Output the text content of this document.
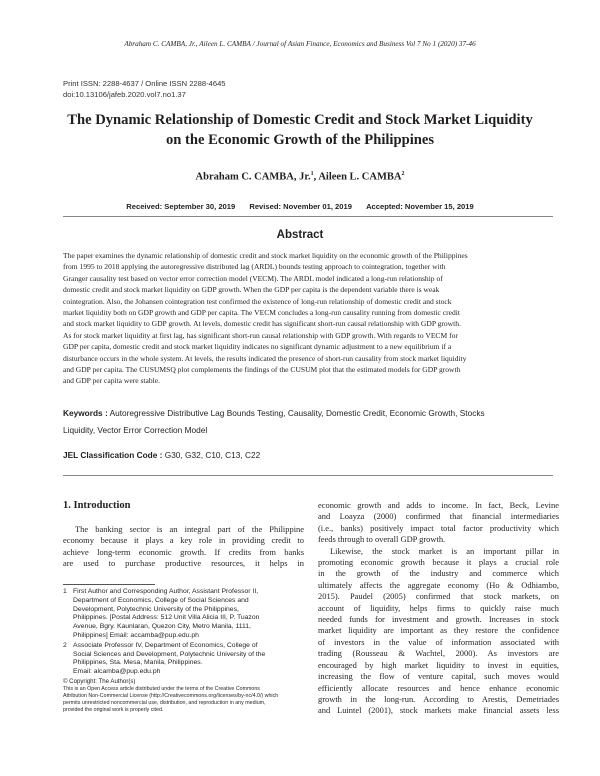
Abraham C. CAMBA, Jr., Aileen L. CAMBA / Journal of Asian Finance, Economics and Business Vol 7 No 1 (2020) 37-46
Print ISSN: 2288-4637 / Online ISSN 2288-4645
doi:10.13106/jafeb.2020.vol7.no1.37
The Dynamic Relationship of Domestic Credit and Stock Market Liquidity
on the Economic Growth of the Philippines
Abraham C. CAMBA, Jr.$^1$, Aileen L. CAMBA$^2$
Received: September 30, 2019 Revised: November 01, 2019 Accepted: November 15, 2019
Abstract
The paper examines the dynamic relationship of domestic credit and stock market liquidity on the economic growth of the Philippines
from 1995 to 2018 applying the autoregressive distributed lag (ARDL) bounds testing approach to cointegration, together with
Granger causality test based on vector error correction model (VECM). The ARDL model indicated a long-run relationship of
domestic credit and stock market liquidity on GDP growth. When the GDP per capita is the dependent variable there is weak
cointegration. Also, the Johansen cointegration test confirmed the existence of long-run relationship of domestic credit and stock
market liquidity both on GDP growth and GDP per capita. The VECM concludes a long-run causality running from domestic credit
and stock market liquidity to GDP growth. At levels, domestic credit has significant short-run causal relationship with GDP growth.
As for stock market liquidity at first lag, has significant short-run causal relationship with GDP growth. With regards to VECM for
GDP per capita, domestic credit and stock market liquidity indicates no significant dynamic adjustment to a new equilibrium if a
disturbance occurs in the whole system. At levels, the results indicated the presence of short-run causality from stock market liquidity
and GDP per capita. The CUSUMSQ plot complements the findings of the CUSUM plot that the estimated models for GDP growth
and GDP per capita were stable.
Keywords : Autoregressive Distributive Lag Bounds Testing, Causality, Domestic Credit, Economic Growth, Stocks
Liquidity, Vector Error Correction Model
JEL Classification Code : G30, G32, C10, C13, C22
1. Introduction

The banking sector is an integral part of the Philippine
economy because it plays a key role in providing credit to
achieve long-term economic growth. If credits from banks
are used to purchase productive resources, it helps in

1 First Author and Corresponding Author, Assistant Professor II,
Department of Economics, College of Social Sciences and
Development, Polytechnic University of the Philippines,
Philippines. [Postal Address: 512 Unit Villa Alicia III, P. Tuazon
Avenue, Bgry. Kaunlaran, Quezon City, Metro Manila, 1111,
Philippines] Email: accamba@pup.edu.ph
2 Associate Professor IV, Department of Economics, College of
Social Sciences and Development, Polytechnic University of the
Philippines, Sta. Mesa, Manila, Philippines.
Email: alcamba@pup.edu.ph
© Copyright: The Author(s)
This is an Open Access article distributed under the terms of the Creative Commons
Attribution Non-Commercial License (http://Creativecommons.org/licenses/by-nc/4.0/) which
permits unrestricted noncommercial use, distribution, and reproduction in any medium,
provided the original work is properly cited.

economic growth and adds to income. In fact, Beck, Levine
and Loayza (2000) confirmed that financial intermediaries
(i.e., banks) positively impact total factor productivity which
feeds through to overall GDP growth.

Likewise, the stock market is an important pillar in
promoting economic growth because it plays a crucial role
in the growth of the industry and commerce which
ultimately affects the aggregate economy (Ho & Odhiambo,
2015). Paudel (2005) confirmed that stock markets, on
account of liquidity, helps firms to quickly raise much
needed funds for investment and growth. Increases in stock
market liquidity are important as they restore the confidence
of investors in the value of information associated with
trading (Rousseau & Wachtel, 2000). As investors are
encouraged by high market liquidity to invest in equities,
increasing the flow of venture capital, such moves would
efficiently allocate resources and hence enhance economic
growth in the long-run. According to Arestis, Demetriades
and Luintel (2001), stock markets make financial assets less
